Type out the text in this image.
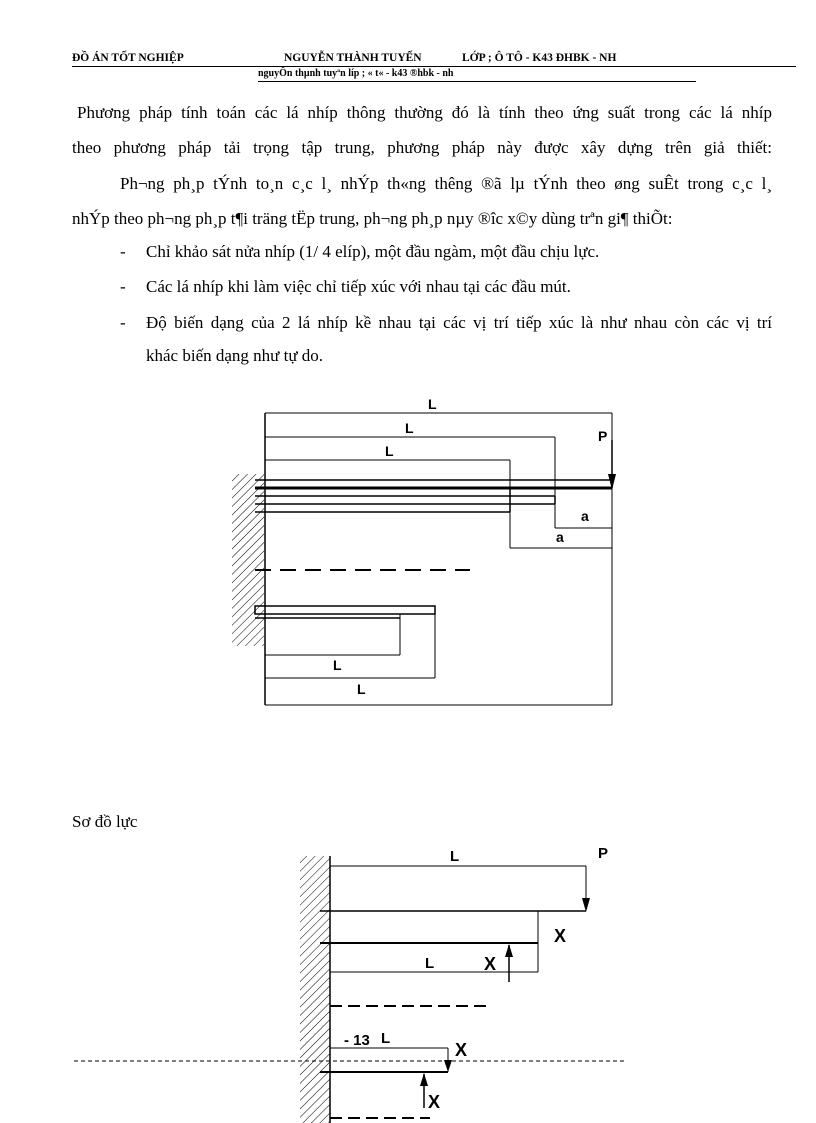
ĐỒ ÁN TỐT NGHIỆP	NGUYỄN THÀNH TUYẾN	LỚP ; Ô TÔ - K43 ĐHBK - NH
nguyÔn thµnh tuyªn líp ; « t« - k43 ®hbk - nh
Phương pháp tính toán các lá nhíp thông thường đó là tính theo ứng suất trong các lá nhíp
theo phương pháp tải trọng tập trung, phương pháp này được xây dựng trên giả thiết:
Ph¬ng ph¸p tÝnh to¸n c¸c l¸ nhÝp th«ng thêng ®ã lµ tÝnh theo øng suÊt trong c¸c l¸
nhÝp theo ph¬ng ph¸p t¶i träng tËp trung, ph¬ng ph¸p nµy ®îc x©y dùng trªn gi¶ thiÕt:
- Chỉ khảo sát nửa nhíp (1/ 4 elíp), một đầu ngàm, một đầu chịu lực.
- Các lá nhíp khi làm việc chỉ tiếp xúc với nhau tại các đầu mút.
- Độ biến dạng của 2 lá nhíp kề nhau tại các vị trí tiếp xúc là như nhau còn các vị trí
khác biến dạng như tự do.
L
L
L
P
a
a
L
L
Sơ đồ lực
L	P
X
L	X
- 13 L
X
X
